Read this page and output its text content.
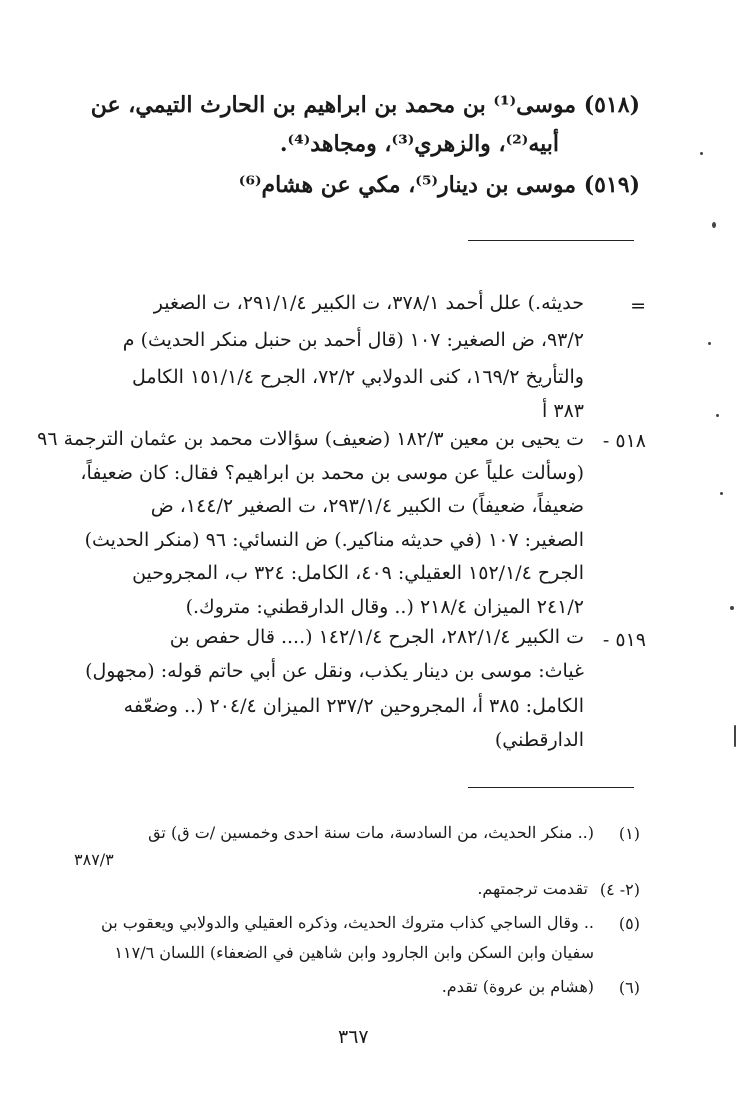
(٥١٨) موسى⁽¹⁾ بن محمد بن ابراهيم بن الحارث التيمي، عن
أبيه⁽²⁾، والزهري⁽³⁾، ومجاهد⁽⁴⁾.
(٥١٩) موسى بن دينار⁽⁵⁾، مكي عن هشام⁽⁶⁾
=
حديثه.) علل أحمد ٣٧٨/١، ت الكبير ٢٩١/١/٤، ت الصغير
٩٣/٢، ض الصغير: ١٠٧ (قال أحمد بن حنبل منكر الحديث) م
والتأريخ ١٦٩/٢، كنى الدولابي ٧٢/٢، الجرح ١٥١/١/٤ الكامل
٣٨٣ أ
٥١٨ -
ت يحيى بن معين ١٨٢/٣ (ضعيف) سؤالات محمد بن عثمان الترجمة ٩٦
(وسألت علياً عن موسى بن محمد بن ابراهيم؟ فقال: كان ضعيفاً،
ضعيفاً، ضعيفاً) ت الكبير ٢٩٣/١/٤، ت الصغير ١٤٤/٢، ض
الصغير: ١٠٧ (في حديثه مناكير.) ض النسائي: ٩٦ (منكر الحديث)
الجرح ١٥٢/١/٤ العقيلي: ٤٠٩، الكامل: ٣٢٤ ب، المجروحين
٢٤١/٢ الميزان ٢١٨/٤ (.. وقال الدارقطني: متروك.)
٥١٩ -
ت الكبير ٢٨٢/١/٤، الجرح ١٤٢/١/٤ (.... قال حفص بن
غياث: موسى بن دينار يكذب، ونقل عن أبي حاتم قوله: (مجهول)
الكامل: ٣٨٥ أ، المجروحين ٢٣٧/٢ الميزان ٢٠٤/٤ (.. وضعّفه
الدارقطني)
(١)
(.. منكر الحديث، من السادسة، مات سنة احدى وخمسين /ت ق) تق
٣٨٧/٣
(٢- ٤)
تقدمت ترجمتهم.
(٥)
.. وقال الساجي كذاب متروك الحديث، وذكره العقيلي والدولابي ويعقوب بن
سفيان وابن السكن وابن الجارود وابن شاهين في الضعفاء) اللسان ١١٧/٦
(٦)
(هشام بن عروة) تقدم.
٣٦٧
